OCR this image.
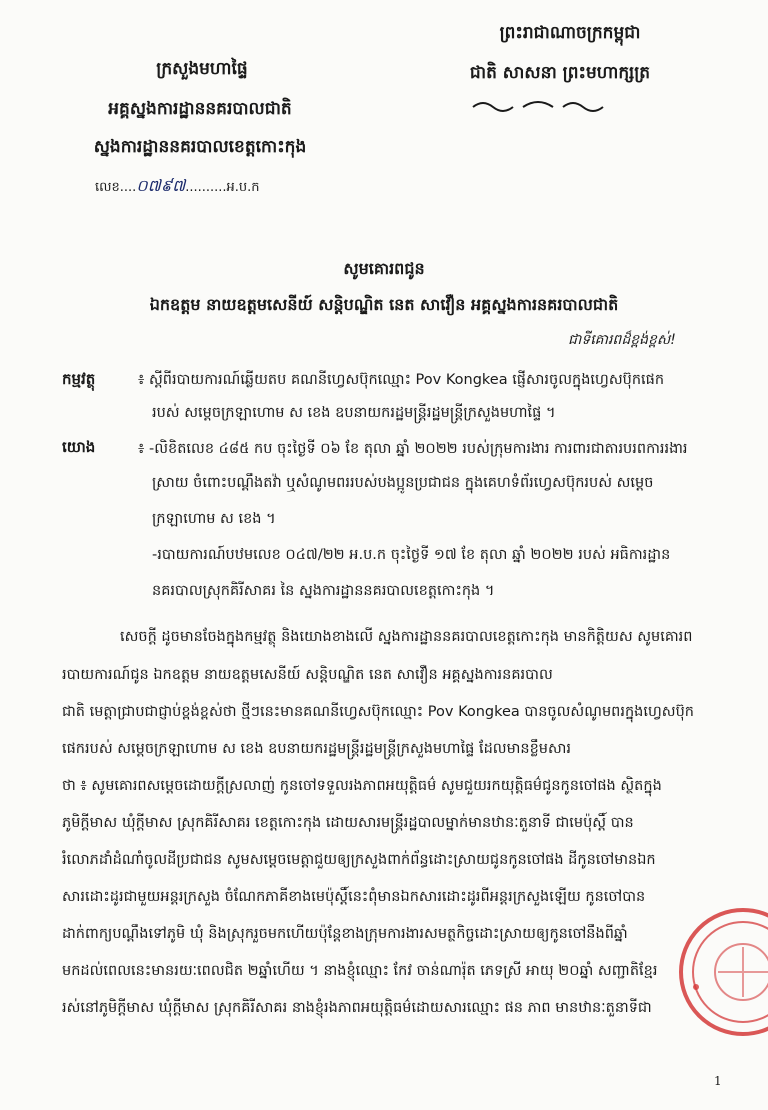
ព្រះរាជាណាចក្រកម្ពុជា
ជាតិ សាសនា ព្រះមហាក្សត្រ
ក្រសួងមហាផ្ទៃ
អគ្គស្នងការដ្ឋាននគរបាលជាតិ
ស្នងការដ្ឋាននគរបាលខេត្តកោះកុង
លេខ....០៧៩៧..........អ.ប.ក
សូមគោរពជូន
ឯកឧត្តម នាយឧត្តមសេនីយ៍ សន្តិបណ្ឌិត នេត សាវឿន អគ្គស្នងការនគរបាលជាតិ
ជាទីគោរពដ៏ខ្ពង់ខ្ពស់!
កម្មវត្ថុ	៖ ស្តីពីរបាយការណ៍ឆ្លើយតប គណនីហ្វេសប៊ុកឈ្មោះ Pov Kongkea ផ្ញើសារចូលក្នុងហ្វេសប៊ុកផេក
របស់ សម្តេចក្រឡាហោម ស ខេង ឧបនាយករដ្ឋមន្ត្រីរដ្ឋមន្ត្រីក្រសួងមហាផ្ទៃ ។
យោង	៖ -លិខិតលេខ ៤៨៥ កប ចុះថ្ងៃទី ០៦ ខែ តុលា ឆ្នាំ ២០២២ របស់ក្រុមការងារ ការពារជាតារបរពការរងារ
ស្រាយ ចំពោះបណ្តឹងតវ៉ា ឬសំណូមពររបស់បងប្អូនប្រជាជន ក្នុងគេហទំព័រហ្វេសប៊ុករបស់ សម្តេច
ក្រឡាហោម ស ខេង ។
-របាយការណ៍បឋមលេខ ០៤៧/២២ អ.ប.ក ចុះថ្ងៃទី ១៧ ខែ តុលា ឆ្នាំ ២០២២ របស់ អធិការដ្ឋាន
នគរបាលស្រុកគិរីសាគរ នៃ ស្នងការដ្ឋាននគរបាលខេត្តកោះកុង ។
សេចក្តី ដូចមានចែងក្នុងកម្មវត្ថុ និងយោងខាងលើ ស្នងការដ្ឋាននគរបាលខេត្តកោះកុង មានកិត្តិយស សូមគោរព
របាយការណ៍ជូន ឯកឧត្តម នាយឧត្តមសេនីយ៍ សន្តិបណ្ឌិត នេត សាវឿន អគ្គស្នងការនគរបាល
ជាតិ មេត្តាជ្រាបជាជ្ញាប់ខ្ពង់ខ្ពស់ថា ថ្មីៗនេះមានគណនីហ្វេសប៊ុកឈ្មោះ Pov Kongkea បានចូលសំណូមពរក្នុងហ្វេសប៊ុក
ផេករបស់ សម្តេចក្រឡាហោម ស ខេង ឧបនាយករដ្ឋមន្ត្រីរដ្ឋមន្ត្រីក្រសួងមហាផ្ទៃ ដែលមានខ្លឹមសារ
ថា ៖ សូមគោរពសម្តេចដោយក្តីស្រលាញ់ កូនចៅទទួលរងភាពអយុត្តិធម៌ សូមជួយរកយុត្តិធម៌ជូនកូនចៅផង ស្ថិតក្នុង
ភូមិក្តីមាស ឃុំក្តីមាស ស្រុកគិរីសាគរ ខេត្តកោះកុង ដោយសារមន្ត្រីរដ្ឋបាលម្នាក់មានឋានៈតួនាទី ជាមេប៉ុស្តិ៍ បាន
រំលោភដាំដំណាំចូលដីប្រជាជន សូមសម្តេចមេត្តាជួយឲ្យក្រសួងពាក់ព័ន្ធដោះស្រាយជូនកូនចៅផង ដីកូនចៅមានឯក
សារដោះដូរជាមួយអន្តរក្រសួង ចំណែកភាគីខាងមេប៉ុស្តិ៍នេះពុំមានឯកសារដោះដូរពីអន្តរក្រសួងឡើយ កូនចៅបាន
ដាក់ពាក្យបណ្តឹងទៅភូមិ ឃុំ និងស្រុករួចមកហើយប៉ុន្តែខាងក្រុមការងារសមត្ថកិច្ចដោះស្រាយឲ្យកូនចៅនឹងពីឆ្នាំ
មកដល់ពេលនេះមានរយៈពេលជិត ២ឆ្នាំហើយ ។ នាងខ្ញុំឈ្មោះ កែវ ចាន់ណារ៉ុត ភេទស្រី អាយុ ២០ឆ្នាំ សញ្ជាតិខ្មែរ
រស់នៅភូមិក្តីមាស ឃុំក្តីមាស ស្រុកគិរីសាគរ នាងខ្ញុំរងភាពអយុត្តិធម៌ដោយសារឈ្មោះ ផន ភាព មានឋានៈតួនាទីជា
1
